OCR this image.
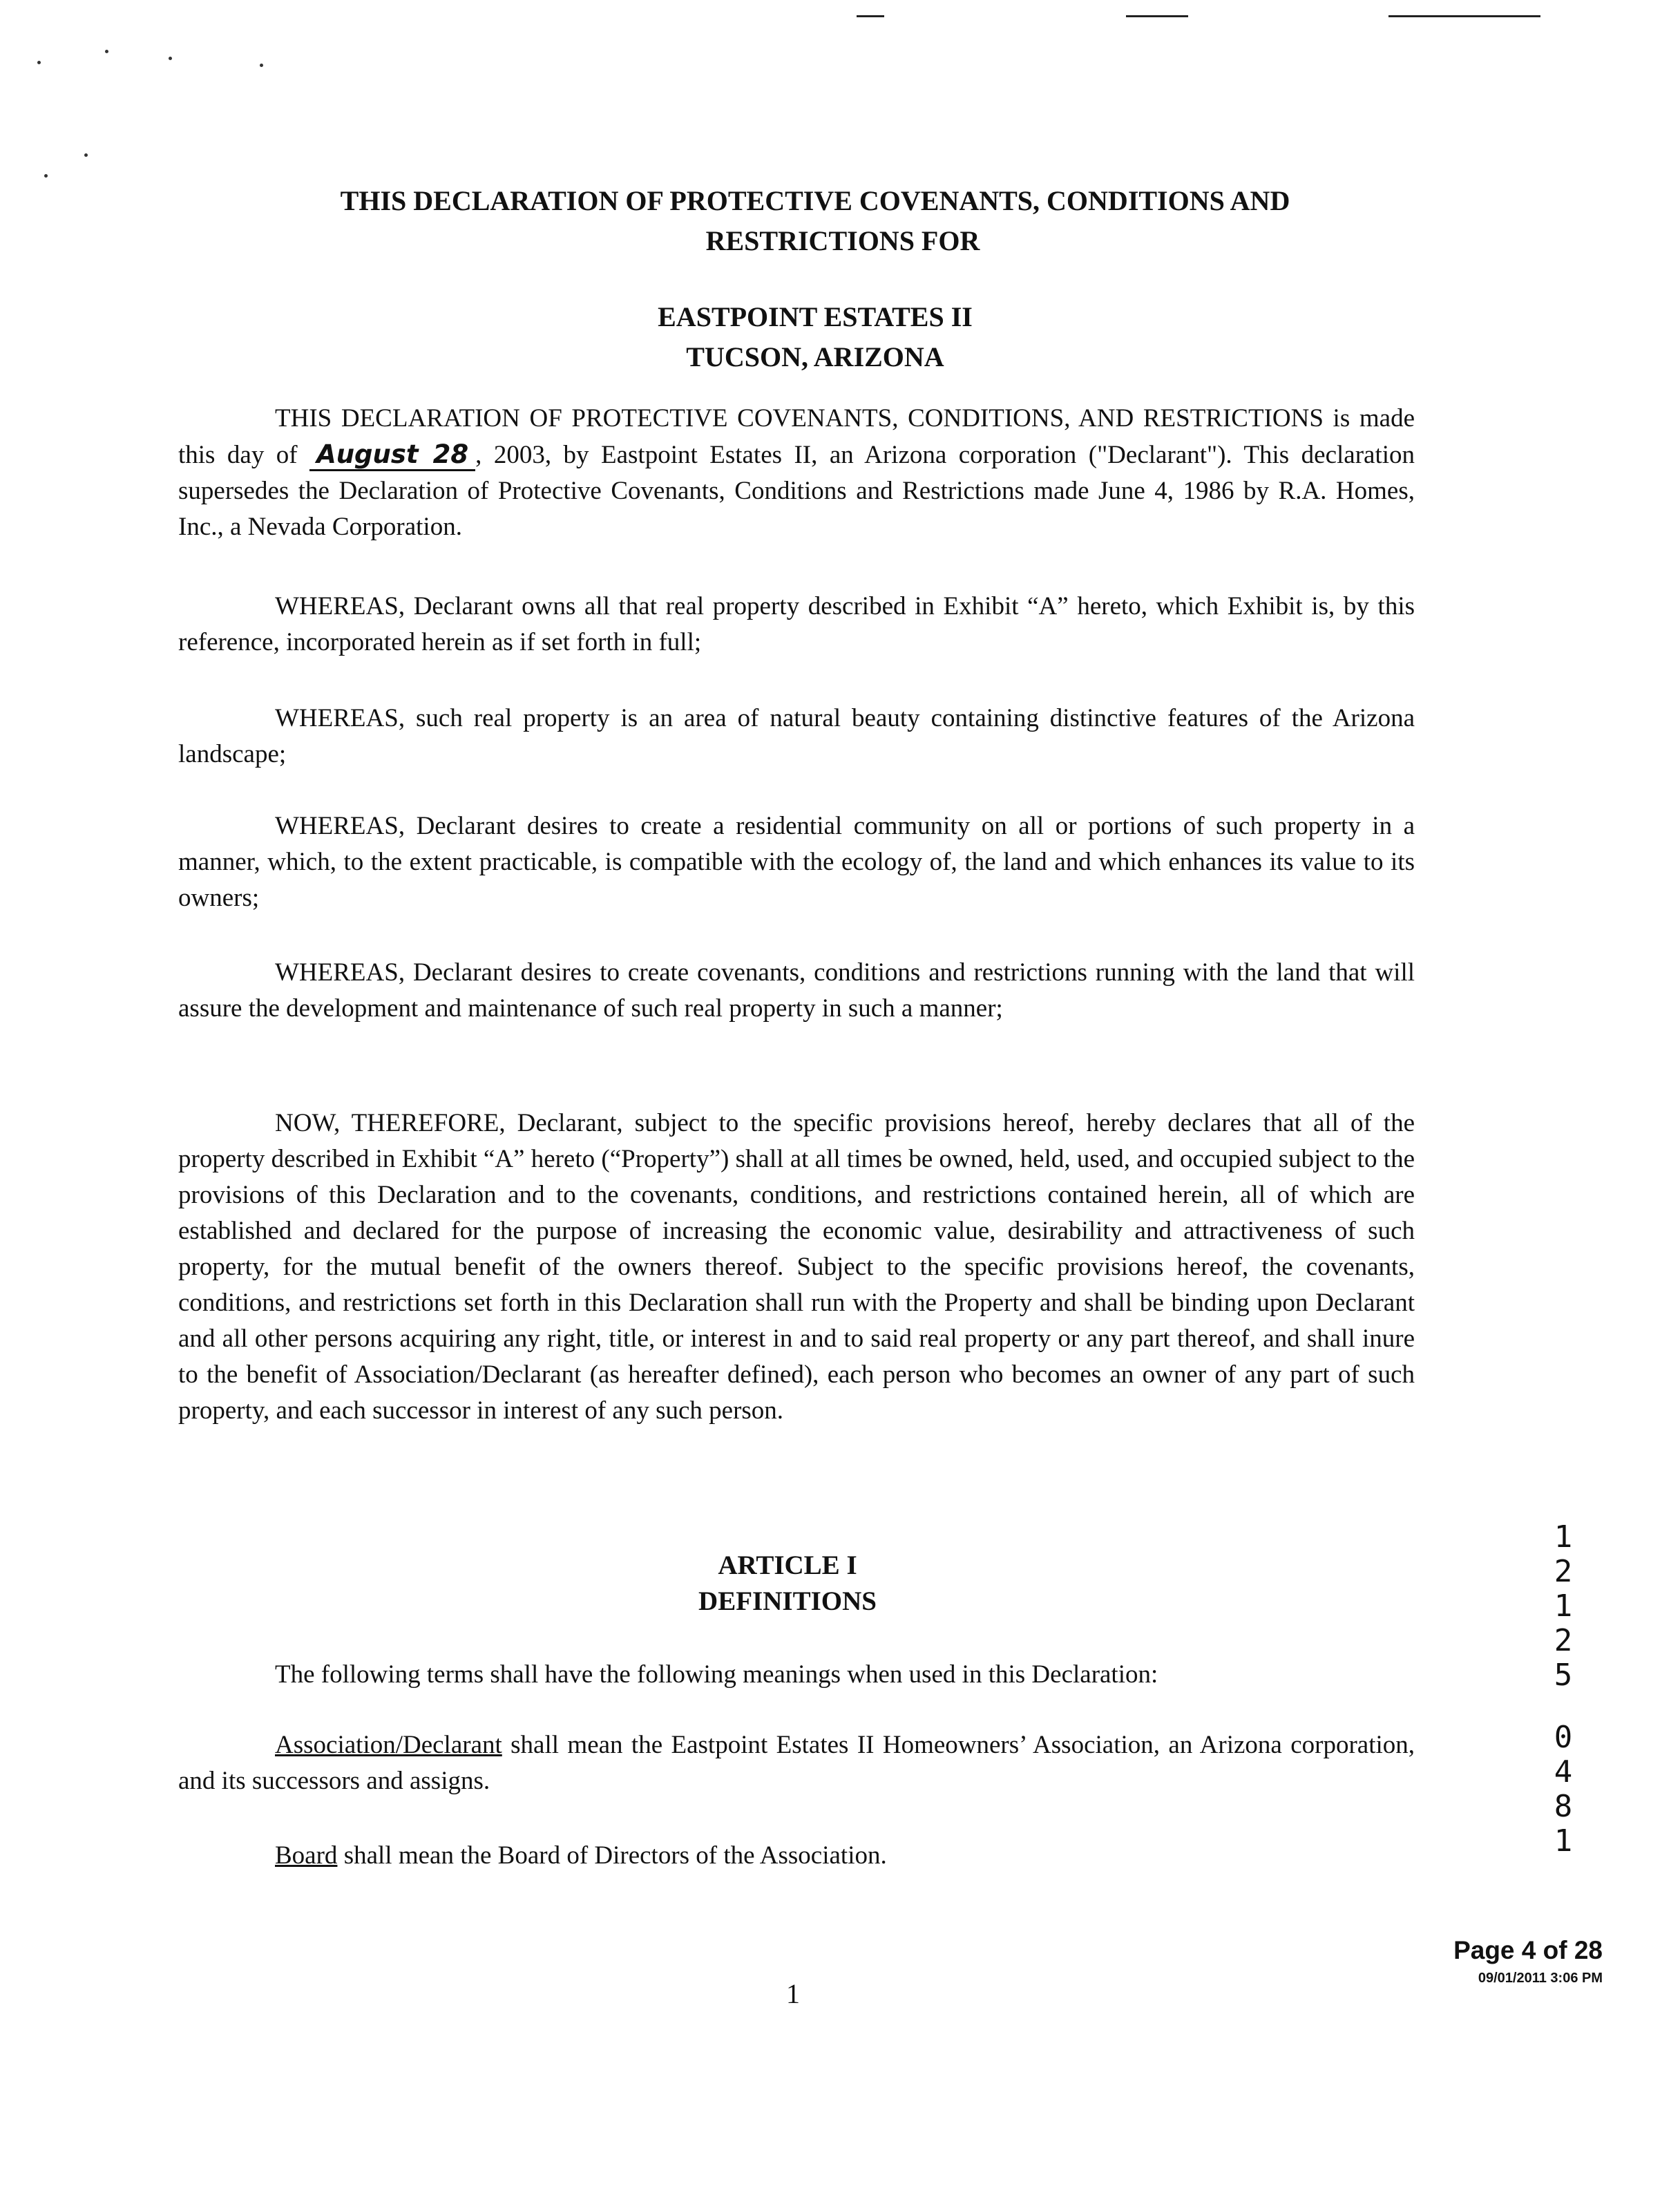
THIS DECLARATION OF PROTECTIVE COVENANTS, CONDITIONS AND
RESTRICTIONS FOR
EASTPOINT ESTATES II
TUCSON, ARIZONA
THIS DECLARATION OF PROTECTIVE COVENANTS, CONDITIONS, AND RESTRICTIONS is made this day of August 28 , 2003, by Eastpoint Estates II, an Arizona corporation ("Declarant"). This declaration supersedes the Declaration of Protective Covenants, Conditions and Restrictions made June 4, 1986 by R.A. Homes, Inc., a Nevada Corporation.
WHEREAS, Declarant owns all that real property described in Exhibit “A” hereto, which Exhibit is, by this reference, incorporated herein as if set forth in full;
WHEREAS, such real property is an area of natural beauty containing distinctive features of the Arizona landscape;
WHEREAS, Declarant desires to create a residential community on all or portions of such property in a manner, which, to the extent practicable, is compatible with the ecology of, the land and which enhances its value to its owners;
WHEREAS, Declarant desires to create covenants, conditions and restrictions running with the land that will assure the development and maintenance of such real property in such a manner;
NOW, THEREFORE, Declarant, subject to the specific provisions hereof, hereby declares that all of the property described in Exhibit “A” hereto (“Property”) shall at all times be owned, held, used, and occupied subject to the provisions of this Declaration and to the covenants, conditions, and restrictions contained herein, all of which are established and declared for the purpose of increasing the economic value, desirability and attractiveness of such property, for the mutual benefit of the owners thereof. Subject to the specific provisions hereof, the covenants, conditions, and restrictions set forth in this Declaration shall run with the Property and shall be binding upon Declarant and all other persons acquiring any right, title, or interest in and to said real property or any part thereof, and shall inure to the benefit of Association/Declarant (as hereafter defined), each person who becomes an owner of any part of such property, and each successor in interest of any such person.
ARTICLE I
DEFINITIONS
The following terms shall have the following meanings when used in this Declaration:
Association/Declarant shall mean the Eastpoint Estates II Homeowners’ Association, an Arizona corporation, and its successors and assigns.
Board shall mean the Board of Directors of the Association.
1
2
1
2
5
0
4
8
1
1
Page 4 of 28
09/01/2011 3:06 PM
